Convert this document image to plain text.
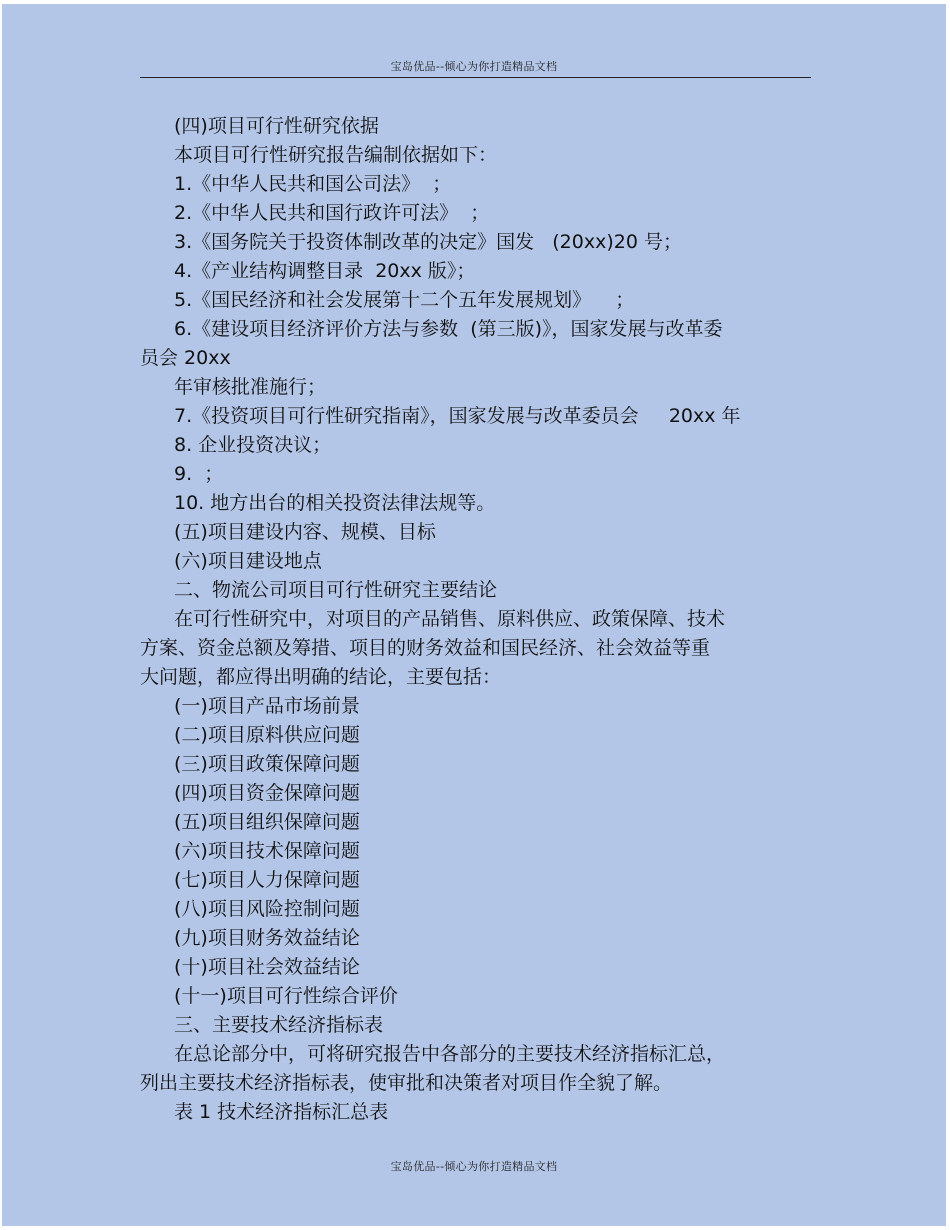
宝岛优品--倾心为你打造精品文档
(四)项目可行性研究依据
本项目可行性研究报告编制依据如下：
1.《中华人民共和国公司法》  ；
2.《中华人民共和国行政许可法》  ；
3.《国务院关于投资体制改革的决定》国发   (20xx)20 号；
4.《产业结构调整目录  20xx 版》；
5.《国民经济和社会发展第十二个五年发展规划》    ；
6.《建设项目经济评价方法与参数  (第三版)》，国家发展与改革委
员会 20xx
年审核批准施行；
7.《投资项目可行性研究指南》，国家发展与改革委员会     20xx 年
8. 企业投资决议；
9.  ；
10. 地方出台的相关投资法律法规等。
(五)项目建设内容、规模、目标
(六)项目建设地点
二、物流公司项目可行性研究主要结论
在可行性研究中，对项目的产品销售、原料供应、政策保障、技术
方案、资金总额及筹措、项目的财务效益和国民经济、社会效益等重
大问题，都应得出明确的结论，主要包括：
(一)项目产品市场前景
(二)项目原料供应问题
(三)项目政策保障问题
(四)项目资金保障问题
(五)项目组织保障问题
(六)项目技术保障问题
(七)项目人力保障问题
(八)项目风险控制问题
(九)项目财务效益结论
(十)项目社会效益结论
(十一)项目可行性综合评价
三、主要技术经济指标表
在总论部分中，可将研究报告中各部分的主要技术经济指标汇总，
列出主要技术经济指标表，使审批和决策者对项目作全貌了解。
表 1 技术经济指标汇总表
宝岛优品--倾心为你打造精品文档
